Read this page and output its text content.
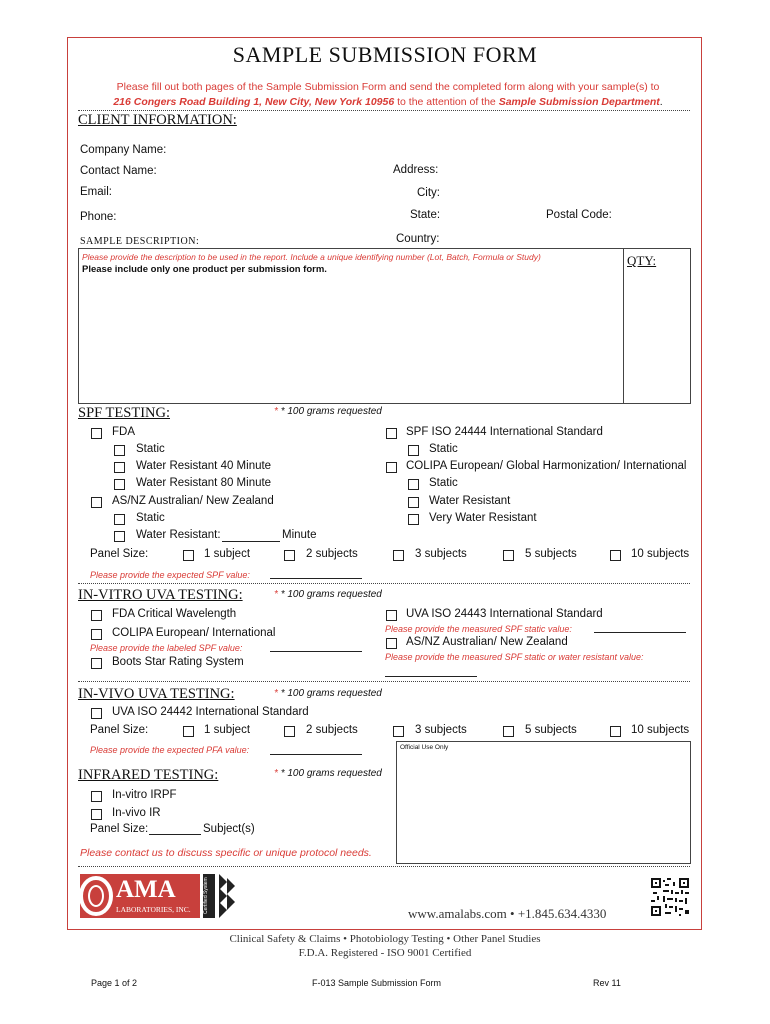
SAMPLE SUBMISSION FORM
Please fill out both pages of the Sample Submission Form and send the completed form along with your sample(s) to
216 Congers Road Building 1, New City, New York 10956 to the attention of the Sample Submission Department.
CLIENT INFORMATION:
Company Name:
Contact Name:
Email:
Phone:
Address:
City:
State:	Postal Code:
Country:
SAMPLE DESCRIPTION:
Please provide the description to be used in the report. Include a unique identifying number (Lot, Batch, Formula or Study)
Please include only one product per submission form.
QTY:
SPF TESTING:	* * 100 grams requested
FDA
Static
Water Resistant 40 Minute
Water Resistant 80 Minute
AS/NZ Australian/ New Zealand
Static
Water Resistant:	Minute
SPF ISO 24444 International Standard
Static
COLIPA European/ Global Harmonization/ International
Static
Water Resistant
Very Water Resistant
Panel Size:	1 subject	2 subjects	3 subjects	5 subjects	10 subjects
Please provide the expected SPF value:
IN-VITRO UVA TESTING:	* * 100 grams requested
FDA Critical Wavelength
COLIPA European/ International
Please provide the labeled SPF value:
Boots Star Rating System
UVA ISO 24443 International Standard
Please provide the measured SPF static value:
AS/NZ Australian/ New Zealand
Please provide the measured SPF static or water resistant value:
IN-VIVO UVA TESTING:	* * 100 grams requested
UVA ISO 24442 International Standard
Panel Size:	1 subject	2 subjects	3 subjects	5 subjects	10 subjects
Please provide the expected PFA value:	Official Use Only
INFRARED TESTING:	* * 100 grams requested
In-vitro IRPF
In-vivo IR
Panel Size:	Subject(s)
Please contact us to discuss specific or unique protocol needs.
AMA
LABORATORIES, INC. Certified System	www.amalabs.com • +1.845.634.4330
Clinical Safety & Claims • Photobiology Testing • Other Panel Studies
F.D.A. Registered - ISO 9001 Certified
Page 1 of 2	F-013 Sample Submission Form	Rev 11
